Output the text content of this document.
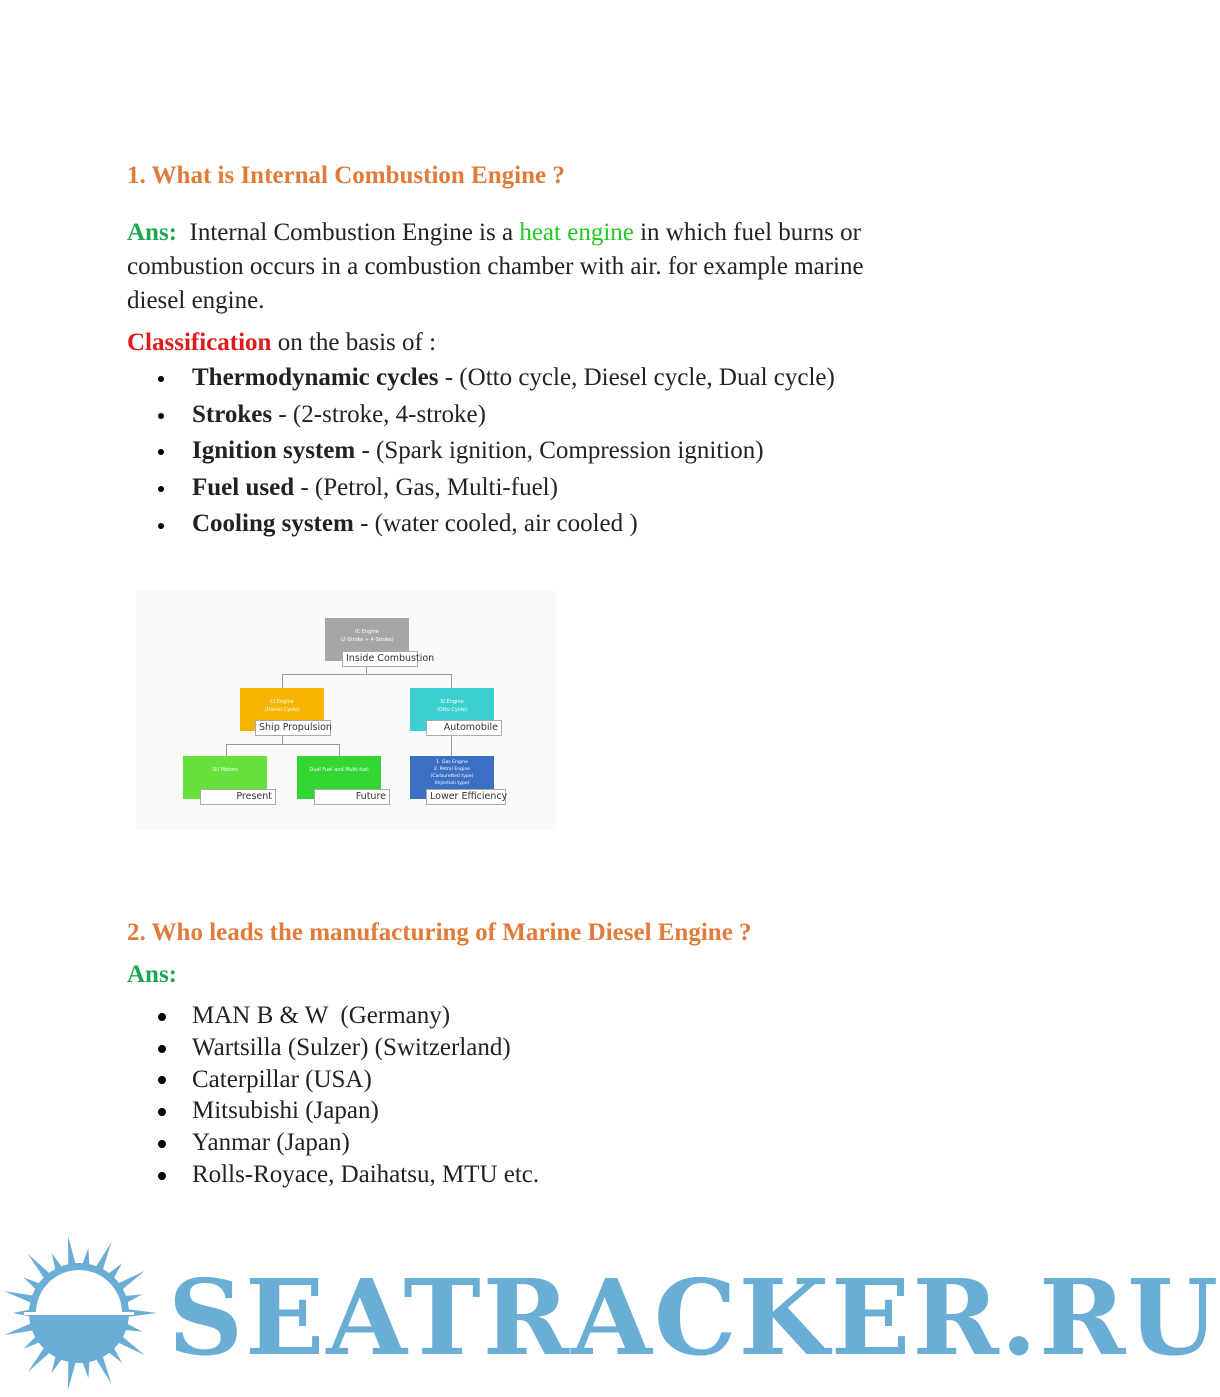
1. What is Internal Combustion Engine ?

Ans:  Internal Combustion Engine is a heat engine in which fuel burns or combustion occurs in a combustion chamber with air. for example marine diesel engine.

Classification on the basis of :

Thermodynamic cycles - (Otto cycle, Diesel cycle, Dual cycle)
Strokes - (2-stroke, 4-stroke)
Ignition system - (Spark ignition, Compression ignition)
Fuel used - (Petrol, Gas, Multi-fuel)
Cooling system - (water cooled, air cooled )
IC Engine
(2-Stroke + 4-Stroke)
Inside Combustion
CI Engine
(Diesel Cycle)
Ship Propulsion
SI Engine
(Otto Cycle)
Automobile
Oil Motors
Present
Dual Fuel and Multi-fuel
Future
1. Gas Engine
2. Petrol Engine
(Carburetted type)
(Injection type)
Lower Efficiency
2. Who leads the manufacturing of Marine Diesel Engine ?

Ans:

MAN B & W  (Germany)
Wartsilla (Sulzer) (Switzerland)
Caterpillar (USA)
Mitsubishi (Japan)
Yanmar (Japan)
Rolls-Royace, Daihatsu, MTU etc.
SEATRACKER.RU
